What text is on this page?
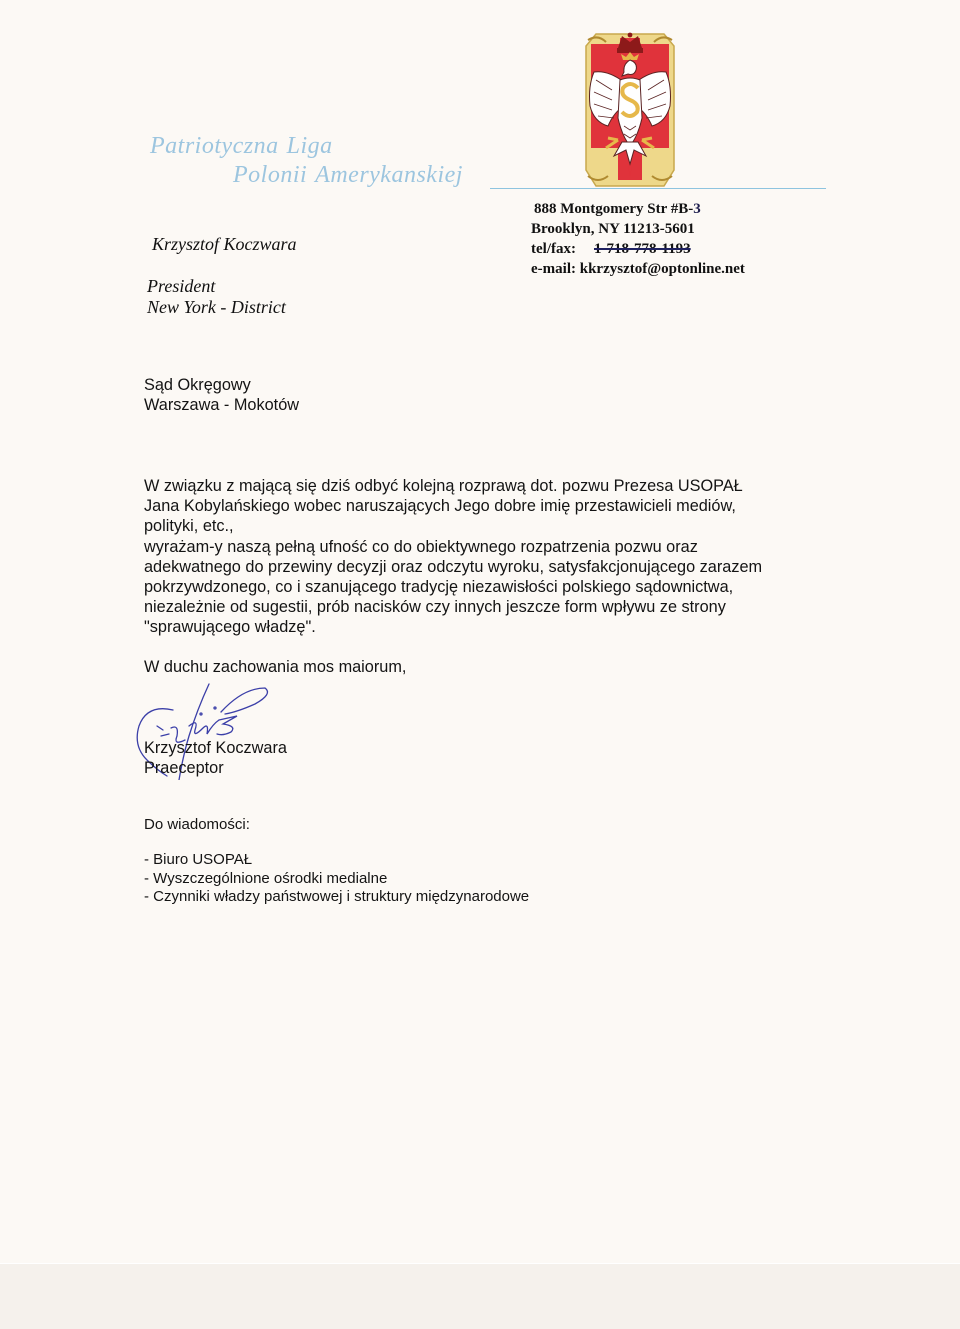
Patriotyczna Liga
Polonii Amerykanskiej
888 Montgomery Str #B-3
Brooklyn, NY 11213-5601
tel/fax: 1-718-778-1193
e-mail: kkrzysztof@optonline.net
Krzysztof Koczwara
President
New York - District
Sąd Okręgowy
Warszawa - Mokotów
W związku z mającą się dziś odbyć kolejną rozprawą dot. pozwu Prezesa USOPAŁ
Jana Kobylańskiego wobec naruszających Jego dobre imię przestawicieli mediów,
polityki, etc.,
wyrażam-y naszą pełną ufność co do obiektywnego rozpatrzenia pozwu oraz
adekwatnego do przewiny decyzji oraz odczytu wyroku, satysfakcjonującego zarazem
pokrzywdzonego, co i szanującego tradycję niezawisłości polskiego sądownictwa,
niezależnie od sugestii, prób nacisków czy innych jeszcze form wpływu ze strony
"sprawującego władzę".
W duchu zachowania mos maiorum,
Krzysztof Koczwara
Praeceptor
Do wiadomości:
- Biuro USOPAŁ
- Wyszczególnione ośrodki medialne
- Czynniki władzy państwowej i struktury międzynarodowe
